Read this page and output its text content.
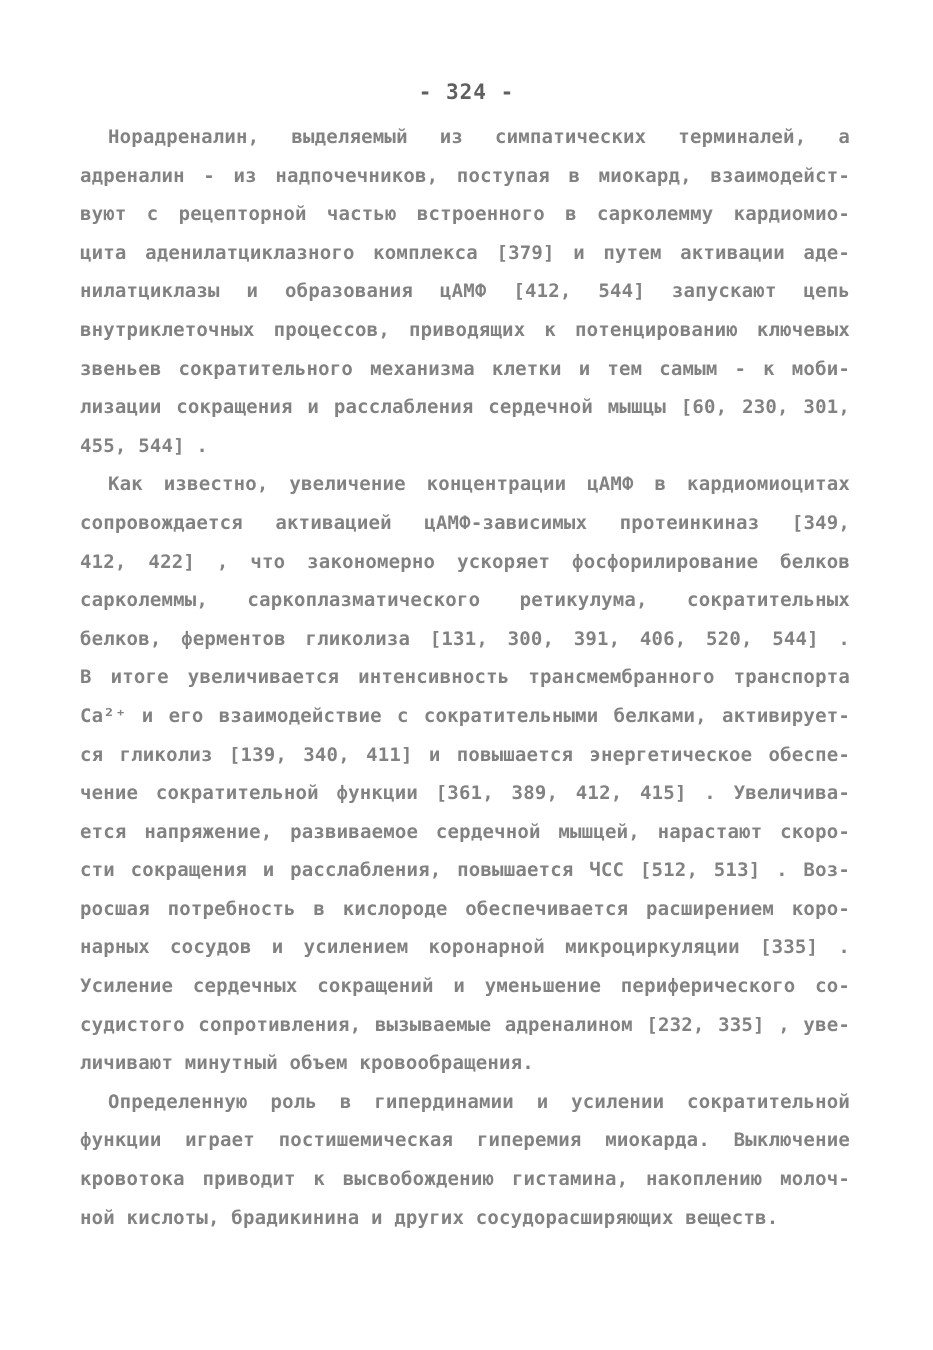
- 324 -
Норадреналин, выделяемый из симпатических терминалей, а
адреналин - из надпочечников, поступая в миокард, взаимодейст-
вуют с рецепторной частью встроенного в сарколемму кардиомио-
цита аденилатциклазного комплекса [379] и путем активации аде-
нилатциклазы и образования цАМФ [412, 544] запускают цепь
внутриклеточных процессов, приводящих к потенцированию ключевых
звеньев сократительного механизма клетки и тем самым - к моби-
лизации сокращения и расслабления сердечной мышцы [60, 230, 301,
455, 544] .
Как известно, увеличение концентрации цАМФ в кардиомиоцитах
сопровождается активацией цАМФ-зависимых протеинкиназ [349,
412, 422] , что закономерно ускоряет фосфорилирование белков
сарколеммы, саркоплазматического ретикулума, сократительных
белков, ферментов гликолиза [131, 300, 391, 406, 520, 544] .
В итоге увеличивается интенсивность трансмембранного транспорта
Ca²⁺ и его взаимодействие с сократительными белками, активирует-
ся гликолиз [139, 340, 411] и повышается энергетическое обеспе-
чение сократительной функции [361, 389, 412, 415] . Увеличива-
ется напряжение, развиваемое сердечной мышцей, нарастают скоро-
сти сокращения и расслабления, повышается ЧСС [512, 513] . Воз-
росшая потребность в кислороде обеспечивается расширением коро-
нарных сосудов и усилением коронарной микроциркуляции [335] .
Усиление сердечных сокращений и уменьшение периферического со-
судистого сопротивления, вызываемые адреналином [232, 335] , уве-
личивают минутный объем кровообращения.
Определенную роль в гипердинамии и усилении сократительной
функции играет постишемическая гиперемия миокарда. Выключение
кровотока приводит к высвобождению гистамина, накоплению молоч-
ной кислоты, брадикинина и других сосудорасширяющих веществ.
